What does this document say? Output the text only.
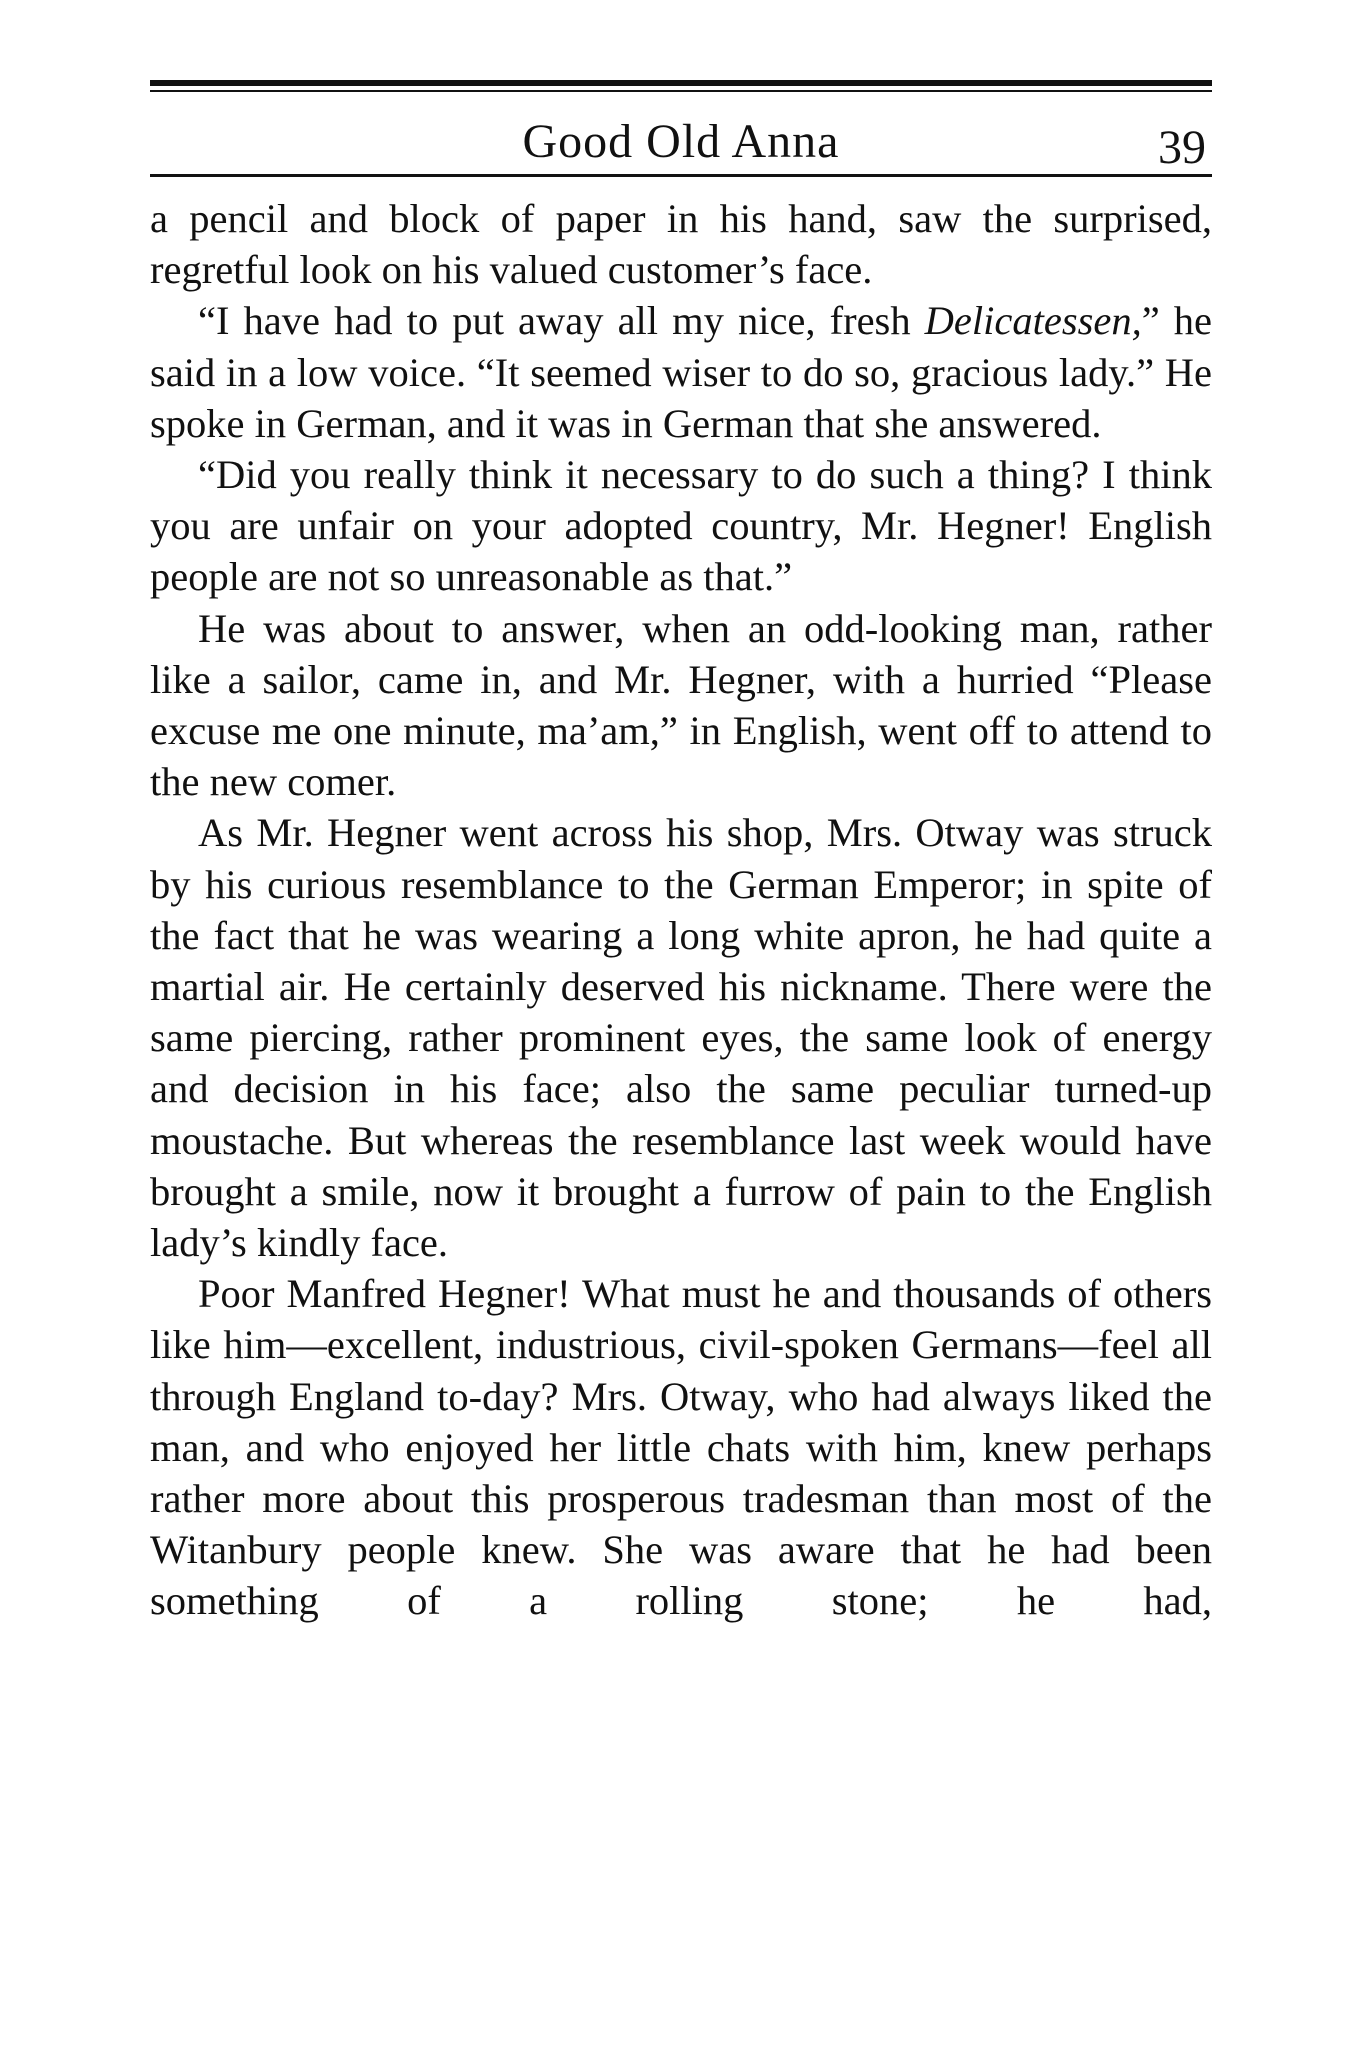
Good Old Anna	39

a pencil and block of paper in his hand, saw the surprised, regretful look on his valued customer’s face.

“I have had to put away all my nice, fresh Delicatessen,” he said in a low voice. “It seemed wiser to do so, gracious lady.” He spoke in German, and it was in German that she answered.

“Did you really think it necessary to do such a thing? I think you are unfair on your adopted country, Mr. Hegner! English people are not so unreasonable as that.”

He was about to answer, when an odd-looking man, rather like a sailor, came in, and Mr. Hegner, with a hurried “Please excuse me one minute, ma’am,” in English, went off to attend to the new comer.

As Mr. Hegner went across his shop, Mrs. Otway was struck by his curious resemblance to the German Emperor; in spite of the fact that he was wearing a long white apron, he had quite a martial air. He certainly deserved his nickname. There were the same piercing, rather prominent eyes, the same look of energy and decision in his face; also the same peculiar turned-up moustache. But whereas the resemblance last week would have brought a smile, now it brought a furrow of pain to the English lady’s kindly face.

Poor Manfred Hegner! What must he and thousands of others like him—excellent, industrious, civil-spoken Germans—feel all through England to-day? Mrs. Otway, who had always liked the man, and who enjoyed her little chats with him, knew perhaps rather more about this prosperous tradesman than most of the Witanbury people knew. She was aware that he had been something of a rolling stone; he had,
